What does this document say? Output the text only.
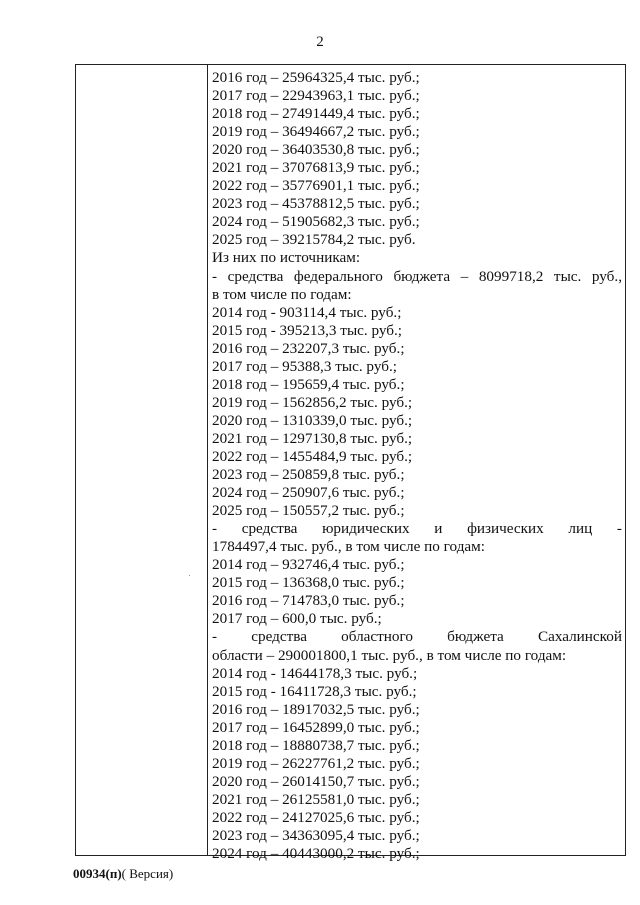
2
2016 год – 25964325,4 тыс. руб.;
2017 год – 22943963,1 тыс. руб.;
2018 год – 27491449,4 тыс. руб.;
2019 год – 36494667,2 тыс. руб.;
2020 год – 36403530,8 тыс. руб.;
2021 год – 37076813,9 тыс. руб.;
2022 год – 35776901,1 тыс. руб.;
2023 год – 45378812,5 тыс. руб.;
2024 год – 51905682,3 тыс. руб.;
2025 год – 39215784,2 тыс. руб.
Из них по источникам:
- средства федерального бюджета – 8099718,2 тыс. руб.,
в том числе по годам:
2014 год - 903114,4 тыс. руб.;
2015 год - 395213,3 тыс. руб.;
2016 год – 232207,3 тыс. руб.;
2017 год – 95388,3 тыс. руб.;
2018 год – 195659,4 тыс. руб.;
2019 год – 1562856,2 тыс. руб.;
2020 год – 1310339,0 тыс. руб.;
2021 год – 1297130,8 тыс. руб.;
2022 год – 1455484,9 тыс. руб.;
2023 год – 250859,8 тыс. руб.;
2024 год – 250907,6 тыс. руб.;
2025 год – 150557,2 тыс. руб.;
- средства юридических и физических лиц -
1784497,4 тыс. руб., в том числе по годам:
2014 год – 932746,4 тыс. руб.;
2015 год – 136368,0 тыс. руб.;
2016 год – 714783,0 тыс. руб.;
2017 год – 600,0 тыс. руб.;
- средства областного бюджета Сахалинской
области – 290001800,1 тыс. руб., в том числе по годам:
2014 год - 14644178,3 тыс. руб.;
2015 год - 16411728,3 тыс. руб.;
2016 год – 18917032,5 тыс. руб.;
2017 год – 16452899,0 тыс. руб.;
2018 год – 18880738,7 тыс. руб.;
2019 год – 26227761,2 тыс. руб.;
2020 год – 26014150,7 тыс. руб.;
2021 год – 26125581,0 тыс. руб.;
2022 год – 24127025,6 тыс. руб.;
2023 год – 34363095,4 тыс. руб.;
2024 год – 40443000,2 тыс. руб.;
00934(п)( Версия)
